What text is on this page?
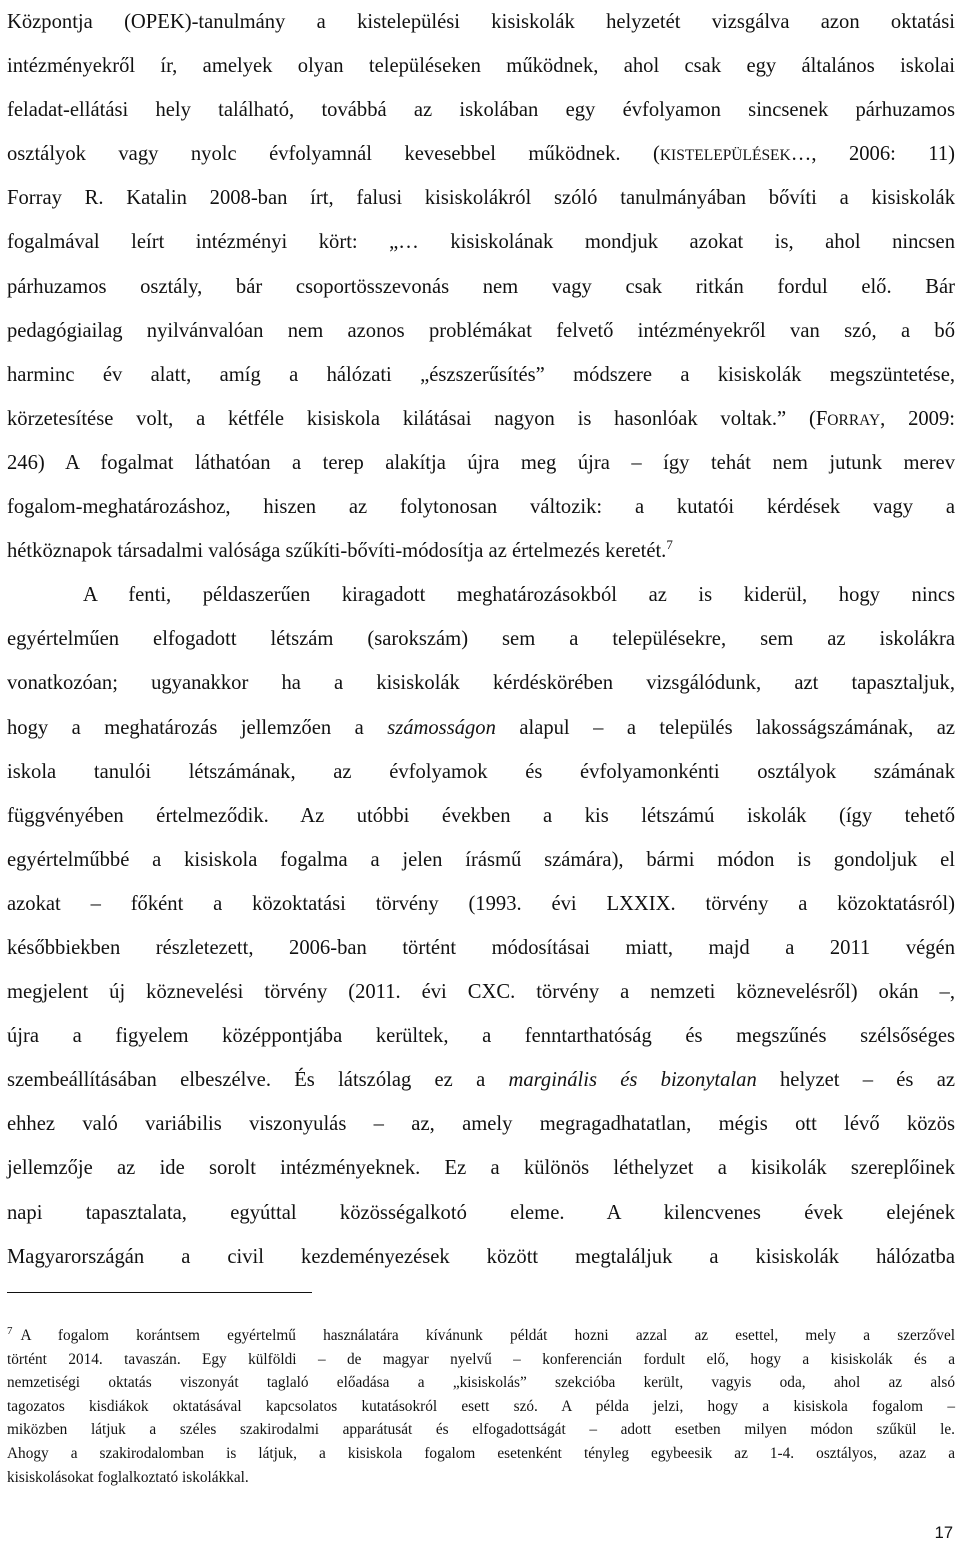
Központja (OPEK)-tanulmány a kistelepülési kisiskolák helyzetét vizsgálva azon oktatási
intézményekről ír, amelyek olyan településeken működnek, ahol csak egy általános iskolai
feladat-ellátási hely található, továbbá az iskolában egy évfolyamon sincsenek párhuzamos
osztályok vagy nyolc évfolyamnál kevesebbel működnek. (KISTELEPÜLÉSEK…, 2006: 11)
Forray R. Katalin 2008-ban írt, falusi kisiskolákról szóló tanulmányában bővíti a kisiskolák
fogalmával leírt intézményi kört: „… kisiskolának mondjuk azokat is, ahol nincsen
párhuzamos osztály, bár csoportösszevonás nem vagy csak ritkán fordul elő. Bár
pedagógiailag nyilvánvalóan nem azonos problémákat felvető intézményekről van szó, a bő
harminc év alatt, amíg a hálózati „észszerűsítés” módszere a kisiskolák megszüntetése,
körzetesítése volt, a kétféle kisiskola kilátásai nagyon is hasonlóak voltak.” (FORRAY, 2009:
246) A fogalmat láthatóan a terep alakítja újra meg újra – így tehát nem jutunk merev
fogalom-meghatározáshoz, hiszen az folytonosan változik: a kutatói kérdések vagy a
hétköznapok társadalmi valósága szűkíti-bővíti-módosítja az értelmezés keretét.$^7$
A fenti, példaszerűen kiragadott meghatározásokból az is kiderül, hogy nincs
egyértelműen elfogadott létszám (sarokszám) sem a településekre, sem az iskolákra
vonatkozóan; ugyanakkor ha a kisiskolák kérdéskörében vizsgálódunk, azt tapasztaljuk,
hogy a meghatározás jellemzően a számosságon alapul – a település lakosságszámának, az
iskola tanulói létszámának, az évfolyamok és évfolyamonkénti osztályok számának
függvényében értelmeződik. Az utóbbi években a kis létszámú iskolák (így tehető
egyértelműbbé a kisiskola fogalma a jelen írásmű számára), bármi módon is gondoljuk el
azokat – főként a közoktatási törvény (1993. évi LXXIX. törvény a közoktatásról)
későbbiekben részletezett, 2006-ban történt módosításai miatt, majd a 2011 végén
megjelent új köznevelési törvény (2011. évi CXC. törvény a nemzeti köznevelésről) okán –,
újra a figyelem középpontjába kerültek, a fenntarthatóság és megszűnés szélsőséges
szembeállításában elbeszélve. És látszólag ez a marginális és bizonytalan helyzet – és az
ehhez való variábilis viszonyulás – az, amely megragadhatatlan, mégis ott lévő közös
jellemzője az ide sorolt intézményeknek. Ez a különös léthelyzet a kisikolák szereplőinek
napi tapasztalata, egyúttal közösségalkotó eleme. A kilencvenes évek elejének
Magyarországán a civil kezdeményezések között megtaláljuk a kisiskolák hálózatba
$^7$ A fogalom korántsem egyértelmű használatára kívánunk példát hozni azzal az esettel, mely a szerzővel
történt 2014. tavaszán. Egy külföldi – de magyar nyelvű – konferencián fordult elő, hogy a kisiskolák és a
nemzetiségi oktatás viszonyát taglaló előadása a „kisiskolás” szekcióba került, vagyis oda, ahol az alsó
tagozatos kisdiákok oktatásával kapcsolatos kutatásokról esett szó. A példa jelzi, hogy a kisiskola fogalom –
miközben látjuk a széles szakirodalmi apparátusát és elfogadottságát – adott esetben milyen módon szűkül le.
Ahogy a szakirodalomban is látjuk, a kisiskola fogalom esetenként tényleg egybeesik az 1-4. osztályos, azaz a
kisiskolásokat foglalkoztató iskolákkal.
17
